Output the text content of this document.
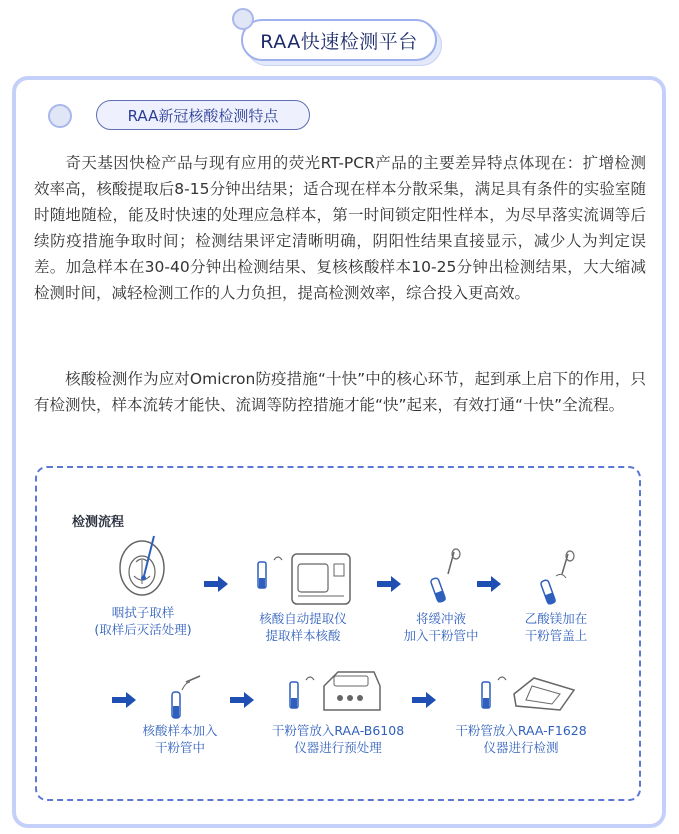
RAA快速检测平台
RAA新冠核酸检测特点

奇天基因快检产品与现有应用的荧光RT-PCR产品的主要差异特点体现在：扩增检测效率高，核酸提取后8-15分钟出结果；适合现在样本分散采集，满足具有条件的实验室随时随地随检，能及时快速的处理应急样本，第一时间锁定阳性样本，为尽早落实流调等后续防疫措施争取时间；检测结果评定清晰明确，阴阳性结果直接显示，减少人为判定误差。加急样本在30-40分钟出检测结果、复核核酸样本10-25分钟出检测结果，大大缩减检测时间，减轻检测工作的人力负担，提高检测效率，综合投入更高效。

核酸检测作为应对Omicron防疫措施“十快”中的核心环节，起到承上启下的作用，只有检测快，样本流转才能快、流调等防控措施才能“快”起来，有效打通“十快”全流程。

检测流程
咽拭子取样
(取样后灭活处理)
核酸自动提取仪
提取样本核酸
将缓冲液
加入干粉管中
乙酸镁加在
干粉管盖上
核酸样本加入
干粉管中
干粉管放入RAA-B6108
仪器进行预处理
干粉管放入RAA-F1628
仪器进行检测
